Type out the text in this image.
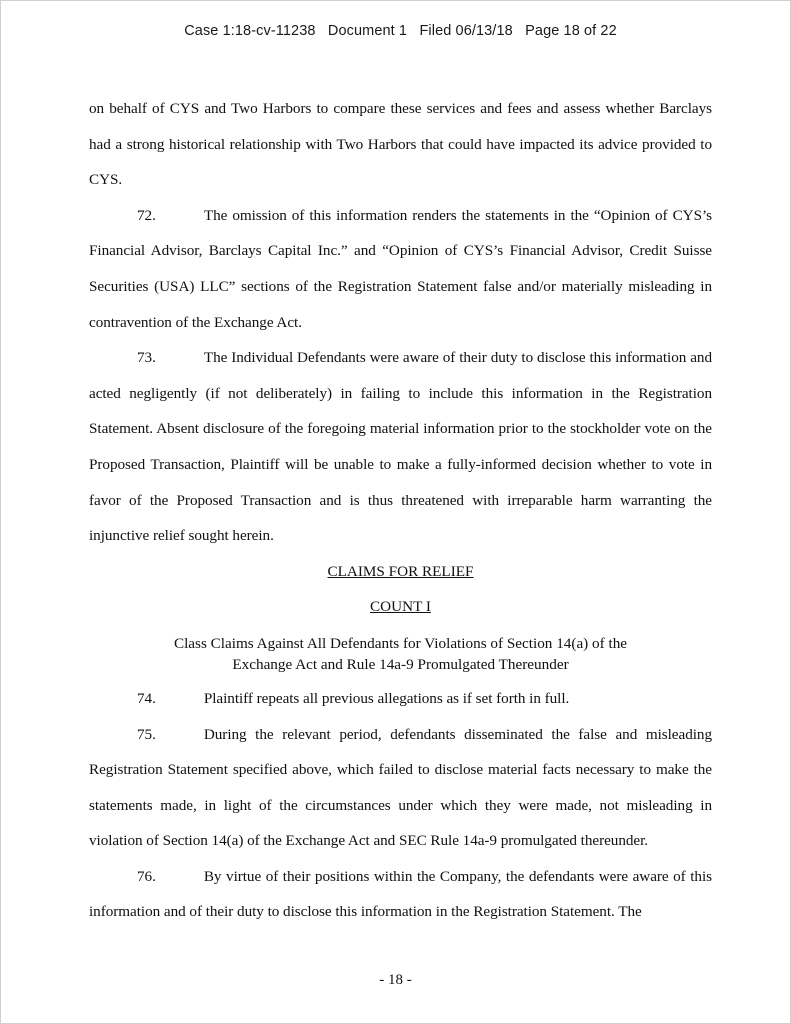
Case 1:18-cv-11238   Document 1   Filed 06/13/18   Page 18 of 22

on behalf of CYS and Two Harbors to compare these services and fees and assess whether Barclays had a strong historical relationship with Two Harbors that could have impacted its advice provided to CYS.

72.	The omission of this information renders the statements in the “Opinion of CYS’s Financial Advisor, Barclays Capital Inc.” and “Opinion of CYS’s Financial Advisor, Credit Suisse Securities (USA) LLC” sections of the Registration Statement false and/or materially misleading in contravention of the Exchange Act.

73.	The Individual Defendants were aware of their duty to disclose this information and acted negligently (if not deliberately) in failing to include this information in the Registration Statement. Absent disclosure of the foregoing material information prior to the stockholder vote on the Proposed Transaction, Plaintiff will be unable to make a fully-informed decision whether to vote in favor of the Proposed Transaction and is thus threatened with irreparable harm warranting the injunctive relief sought herein.

CLAIMS FOR RELIEF

COUNT I

Class Claims Against All Defendants for Violations of Section 14(a) of the
Exchange Act and Rule 14a-9 Promulgated Thereunder

74.	Plaintiff repeats all previous allegations as if set forth in full.

75.	During the relevant period, defendants disseminated the false and misleading Registration Statement specified above, which failed to disclose material facts necessary to make the statements made, in light of the circumstances under which they were made, not misleading in violation of Section 14(a) of the Exchange Act and SEC Rule 14a-9 promulgated thereunder.

76.	By virtue of their positions within the Company, the defendants were aware of this information and of their duty to disclose this information in the Registration Statement. The

- 18 -
